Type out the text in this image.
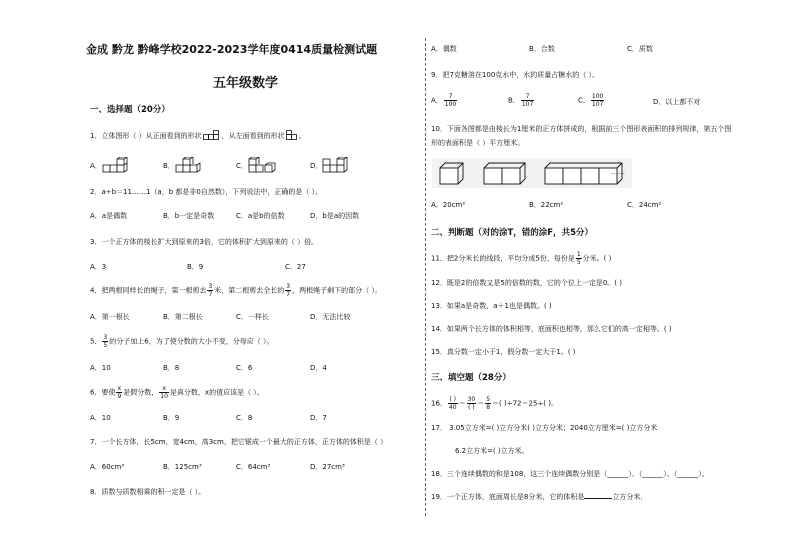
金成 黔龙 黔峰学校2022-2023学年度0414质量检测试题
五年级数学
一、选择题（20分）
1．立体图形（ ）从正面看到的形状	，从左面看到的形状 。
A．	B．	C．	D．
2．a÷b＝11……1（a，b 都是非0自然数），下列说法中，正确的是（ ）。
A．a是偶数	B．b一定是奇数	C．a是b的倍数	D．b是a的因数
3．一个正方体的棱长扩大到原来的3倍，它的体积扩大到原来的（ ）倍。
A．3	B．9	C．27
4．把两根同样长的绳子，第一根剪去 $\frac{3}{7}$ 米，第二根剪去全长的 $\frac{3}{7}$ ，两根绳子剩下的部分（ ）。
A．第一根长	B．第二根长	C．一样长	D．无法比较
5． $\frac{3}{5}$ 的分子加上6，为了使分数的大小不变，分母应（ ）。
A．10	B．8	C．6	D．4
6．要使 $\frac{x}{9}$ 是假分数， $\frac{x}{10}$ 是真分数，x的值应该是（ ）。
A．10	B．9	C．8	D．7
7．一个长方体，长5cm，宽4cm，高3cm，把它锯成一个最大的正方体，正方体的体积是（ ）
A．60cm³	B．125cm³	C．64cm³	D．27cm³
8．质数与质数相乘的积一定是（ ）。
A．偶数	B．合数	C．质数
9．把7克糖溶在100克水中，水的质量占糖水的（ ）。
A． $\frac{7}{100}$	B． $\frac{7}{107}$	C． $\frac{100}{107}$	D．以上都不对
10．下面各图都是由棱长为1厘米的正方体拼成的，根据前三个图形表面积的排列规律，第五个图
形的表面积是（ ）平方厘米。
……
A．20cm²	B．22cm²	C．24cm²
二、判断题（对的涂T，错的涂F，共5分）
11．把2分米长的线段，平均分成5份，每份是 $\frac{1}{5}$ 分米。( )
12．既是2的倍数又是5的倍数的数，它的个位上一定是0。( )
13．如果a是奇数，a＋1也是偶数。( )
14．如果两个长方体的体积相等，底面积也相等，那么它们的高一定相等。( )
15．真分数一定小于1，假分数一定大于1。( )
三、填空题（28分）
16． $\frac{( )}{40} = \frac{30}{( )} = \frac{5}{8}$ ＝( )÷72＝25÷( )。
17． 3.05立方米=( )立方分米( )立方分米；2040立方厘米=( )立方分米
6.2立方米=( )立方米。
18．三个连续偶数的和是108，这三个连续偶数分别是（______）、（______）、（______）。
19．一个正方体，底面周长是8分米，它的体积是	立方分米．
